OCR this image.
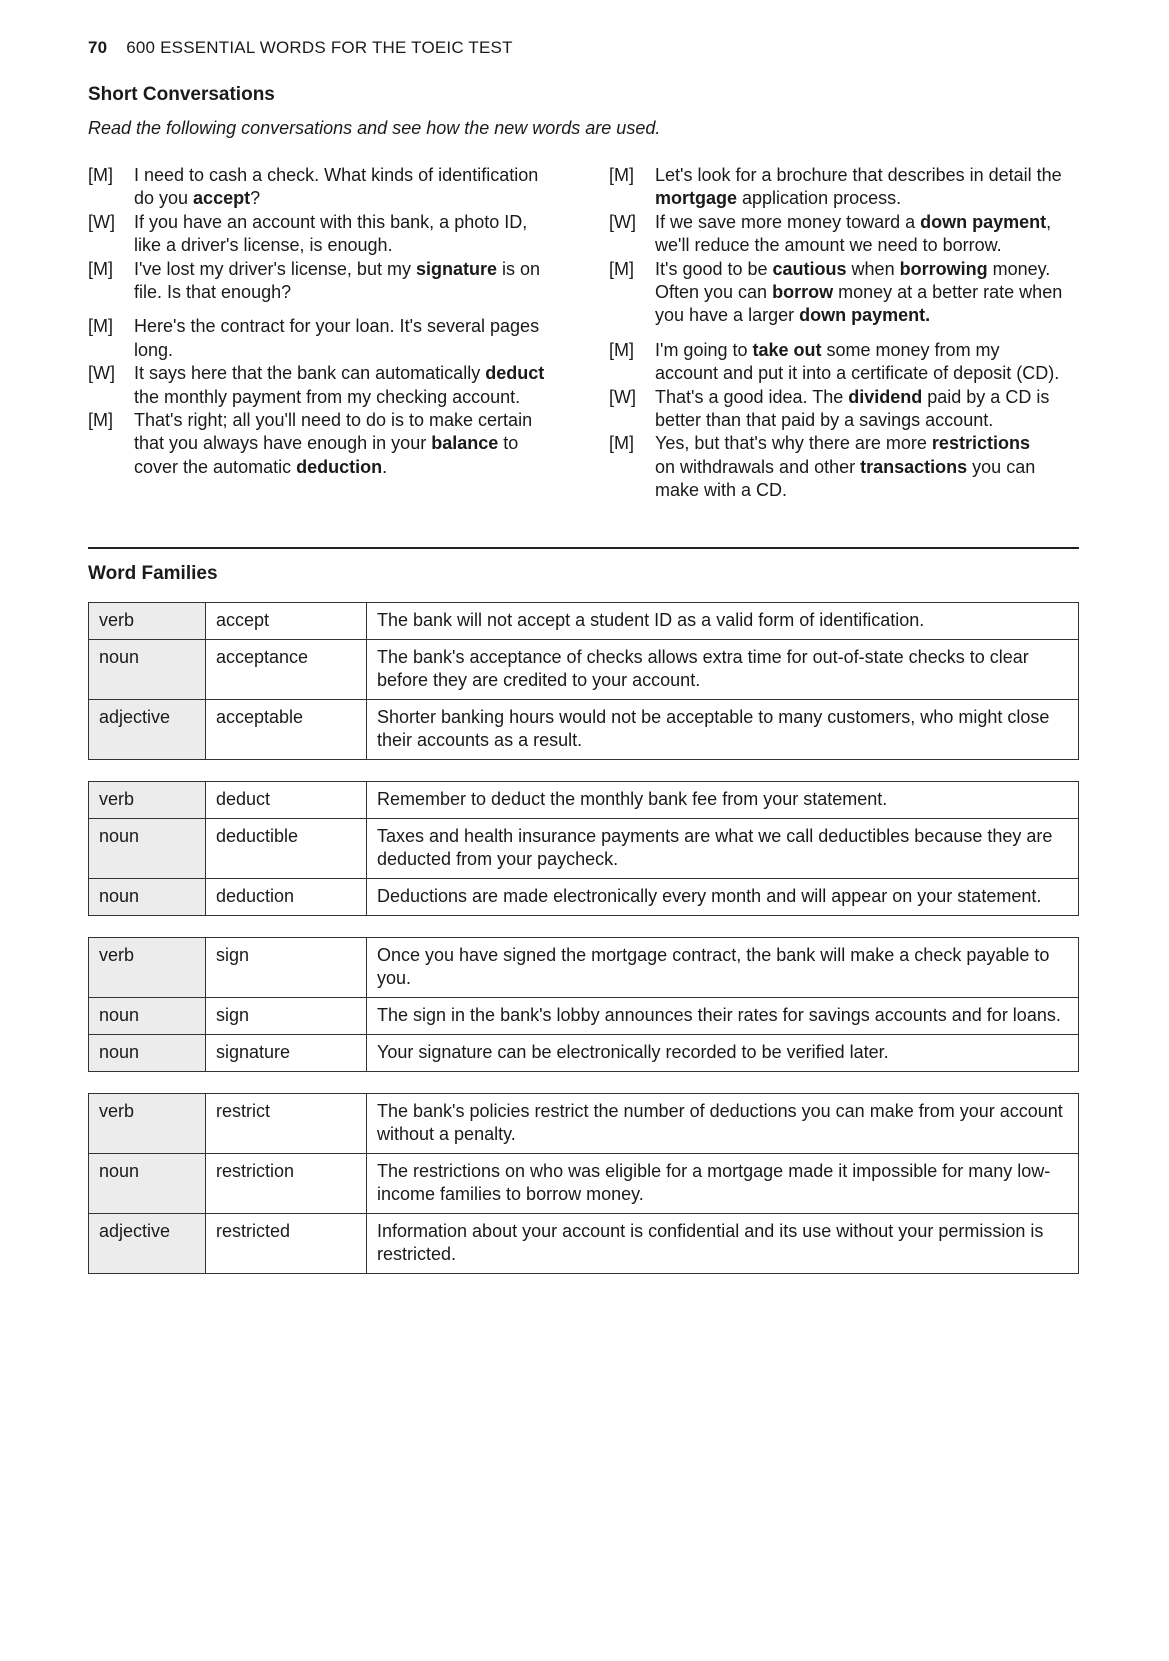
70 600 ESSENTIAL WORDS FOR THE TOEIC TEST
Short Conversations
Read the following conversations and see how the new words are used.
[M]	I need to cash a check. What kinds of identification
do you accept?
[W]	If you have an account with this bank, a photo ID,
like a driver's license, is enough.
[M]	I've lost my driver's license, but my signature is on
file. Is that enough?
[M]	Here's the contract for your loan. It's several pages
long.
[W]	It says here that the bank can automatically deduct
the monthly payment from my checking account.
[M]	That's right; all you'll need to do is to make certain
that you always have enough in your balance to
cover the automatic deduction.
[M]	Let's look for a brochure that describes in detail the
mortgage application process.
[W]	If we save more money toward a down payment,
we'll reduce the amount we need to borrow.
[M]	It's good to be cautious when borrowing money.
Often you can borrow money at a better rate when
you have a larger down payment.
[M]	I'm going to take out some money from my
account and put it into a certificate of deposit (CD).
[W]	That's a good idea. The dividend paid by a CD is
better than that paid by a savings account.
[M]	Yes, but that's why there are more restrictions
on withdrawals and other transactions you can
make with a CD.
Word Families
verb	accept	The bank will not accept a student ID as a valid form of identification.
noun	acceptance	The bank's acceptance of checks allows extra time for out-of-state checks to clear before they are credited to your account.
adjective	acceptable	Shorter banking hours would not be acceptable to many customers, who might close their accounts as a result.
verb	deduct	Remember to deduct the monthly bank fee from your statement.
noun	deductible	Taxes and health insurance payments are what we call deductibles because they are deducted from your paycheck.
noun	deduction	Deductions are made electronically every month and will appear on your statement.
verb	sign	Once you have signed the mortgage contract, the bank will make a check payable to you.
noun	sign	The sign in the bank's lobby announces their rates for savings accounts and for loans.
noun	signature	Your signature can be electronically recorded to be verified later.
verb	restrict	The bank's policies restrict the number of deductions you can make from your account without a penalty.
noun	restriction	The restrictions on who was eligible for a mortgage made it impossible for many low-income families to borrow money.
adjective	restricted	Information about your account is confidential and its use without your permission is restricted.
